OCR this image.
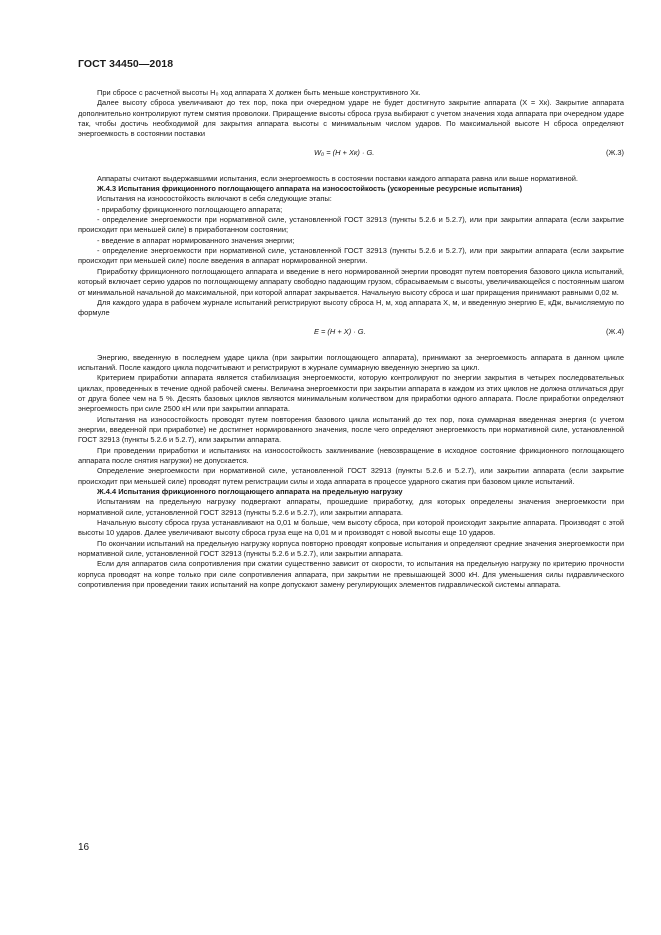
ГОСТ 34450—2018

При сбросе с расчетной высоты H₀ ход аппарата X должен быть меньше конструктивного Xк.

Далее высоту сброса увеличивают до тех пор, пока при очередном ударе не будет достигнуто закрытие аппарата (X = Xк). Закрытие аппарата дополнительно контролируют путем смятия проволоки. Приращение высоты сброса груза выбирают с учетом значения хода аппарата при очередном ударе так, чтобы достичь необходимой для закрытия аппарата высоты с минимальным числом ударов. По максимальной высоте H сброса определяют энергоемкость в состоянии поставки

W₀ = (H + Xк) · G.	(Ж.3)

Аппараты считают выдержавшими испытания, если энергоемкость в состоянии поставки каждого аппарата равна или выше нормативной.

Ж.4.3 Испытания фрикционного поглощающего аппарата на износостойкость (ускоренные ресурсные испытания)

Испытания на износостойкость включают в себя следующие этапы:

- приработку фрикционного поглощающего аппарата;

- определение энергоемкости при нормативной силе, установленной ГОСТ 32913 (пункты 5.2.6 и 5.2.7), или при закрытии аппарата (если закрытие происходит при меньшей силе) в приработанном состоянии;

- введение в аппарат нормированного значения энергии;

- определение энергоемкости при нормативной силе, установленной ГОСТ 32913 (пункты 5.2.6 и 5.2.7), или при закрытии аппарата (если закрытие происходит при меньшей силе) после введения в аппарат нормированной энергии.

Приработку фрикционного поглощающего аппарата и введение в него нормированной энергии проводят путем повторения базового цикла испытаний, который включает серию ударов по поглощающему аппарату свободно падающим грузом, сбрасываемым с высоты, увеличивающейся с постоянным шагом от минимальной начальной до максимальной, при которой аппарат закрывается. Начальную высоту сброса и шаг приращения принимают равными 0,02 м.

Для каждого удара в рабочем журнале испытаний регистрируют высоту сброса H, м, ход аппарата X, м, и введенную энергию E, кДж, вычисляемую по формуле

E = (H + X) · G.	(Ж.4)

Энергию, введенную в последнем ударе цикла (при закрытии поглощающего аппарата), принимают за энергоемкость аппарата в данном цикле испытаний. После каждого цикла подсчитывают и регистрируют в журнале суммарную введенную энергию за цикл.

Критерием приработки аппарата является стабилизация энергоемкости, которую контролируют по энергии закрытия в четырех последовательных циклах, проведенных в течение одной рабочей смены. Величина энергоемкости при закрытии аппарата в каждом из этих циклов не должна отличаться друг от друга более чем на 5 %. Десять базовых циклов являются минимальным количеством для приработки одного аппарата. После приработки определяют энергоемкость при силе 2500 кН или при закрытии аппарата.

Испытания на износостойкость проводят путем повторения базового цикла испытаний до тех пор, пока суммарная введенная энергия (с учетом энергии, введенной при приработке) не достигнет нормированного значения, после чего определяют энергоемкость при нормативной силе, установленной ГОСТ 32913 (пункты 5.2.6 и 5.2.7), или закрытии аппарата.

При проведении приработки и испытаниях на износостойкость заклинивание (невозвращение в исходное состояние фрикционного поглощающего аппарата после снятия нагрузки) не допускается.

Определение энергоемкости при нормативной силе, установленной ГОСТ 32913 (пункты 5.2.6 и 5.2.7), или закрытии аппарата (если закрытие происходит при меньшей силе) проводят путем регистрации силы и хода аппарата в процессе ударного сжатия при базовом цикле испытаний.

Ж.4.4 Испытания фрикционного поглощающего аппарата на предельную нагрузку

Испытаниям на предельную нагрузку подвергают аппараты, прошедшие приработку, для которых определены значения энергоемкости при нормативной силе, установленной ГОСТ 32913 (пункты 5.2.6 и 5.2.7), или закрытии аппарата.

Начальную высоту сброса груза устанавливают на 0,01 м больше, чем высоту сброса, при которой происходит закрытие аппарата. Производят с этой высоты 10 ударов. Далее увеличивают высоту сброса груза еще на 0,01 м и производят с новой высоты еще 10 ударов.

По окончании испытаний на предельную нагрузку корпуса повторно проводят копровые испытания и определяют средние значения энергоемкости при нормативной силе, установленной ГОСТ 32913 (пункты 5.2.6 и 5.2.7), или закрытии аппарата.

Если для аппаратов сила сопротивления при сжатии существенно зависит от скорости, то испытания на предельную нагрузку по критерию прочности корпуса проводят на копре только при силе сопротивления аппарата, при закрытии не превышающей 3000 кН. Для уменьшения силы гидравлического сопротивления при проведении таких испытаний на копре допускают замену регулирующих элементов гидравлической системы аппарата.

16
